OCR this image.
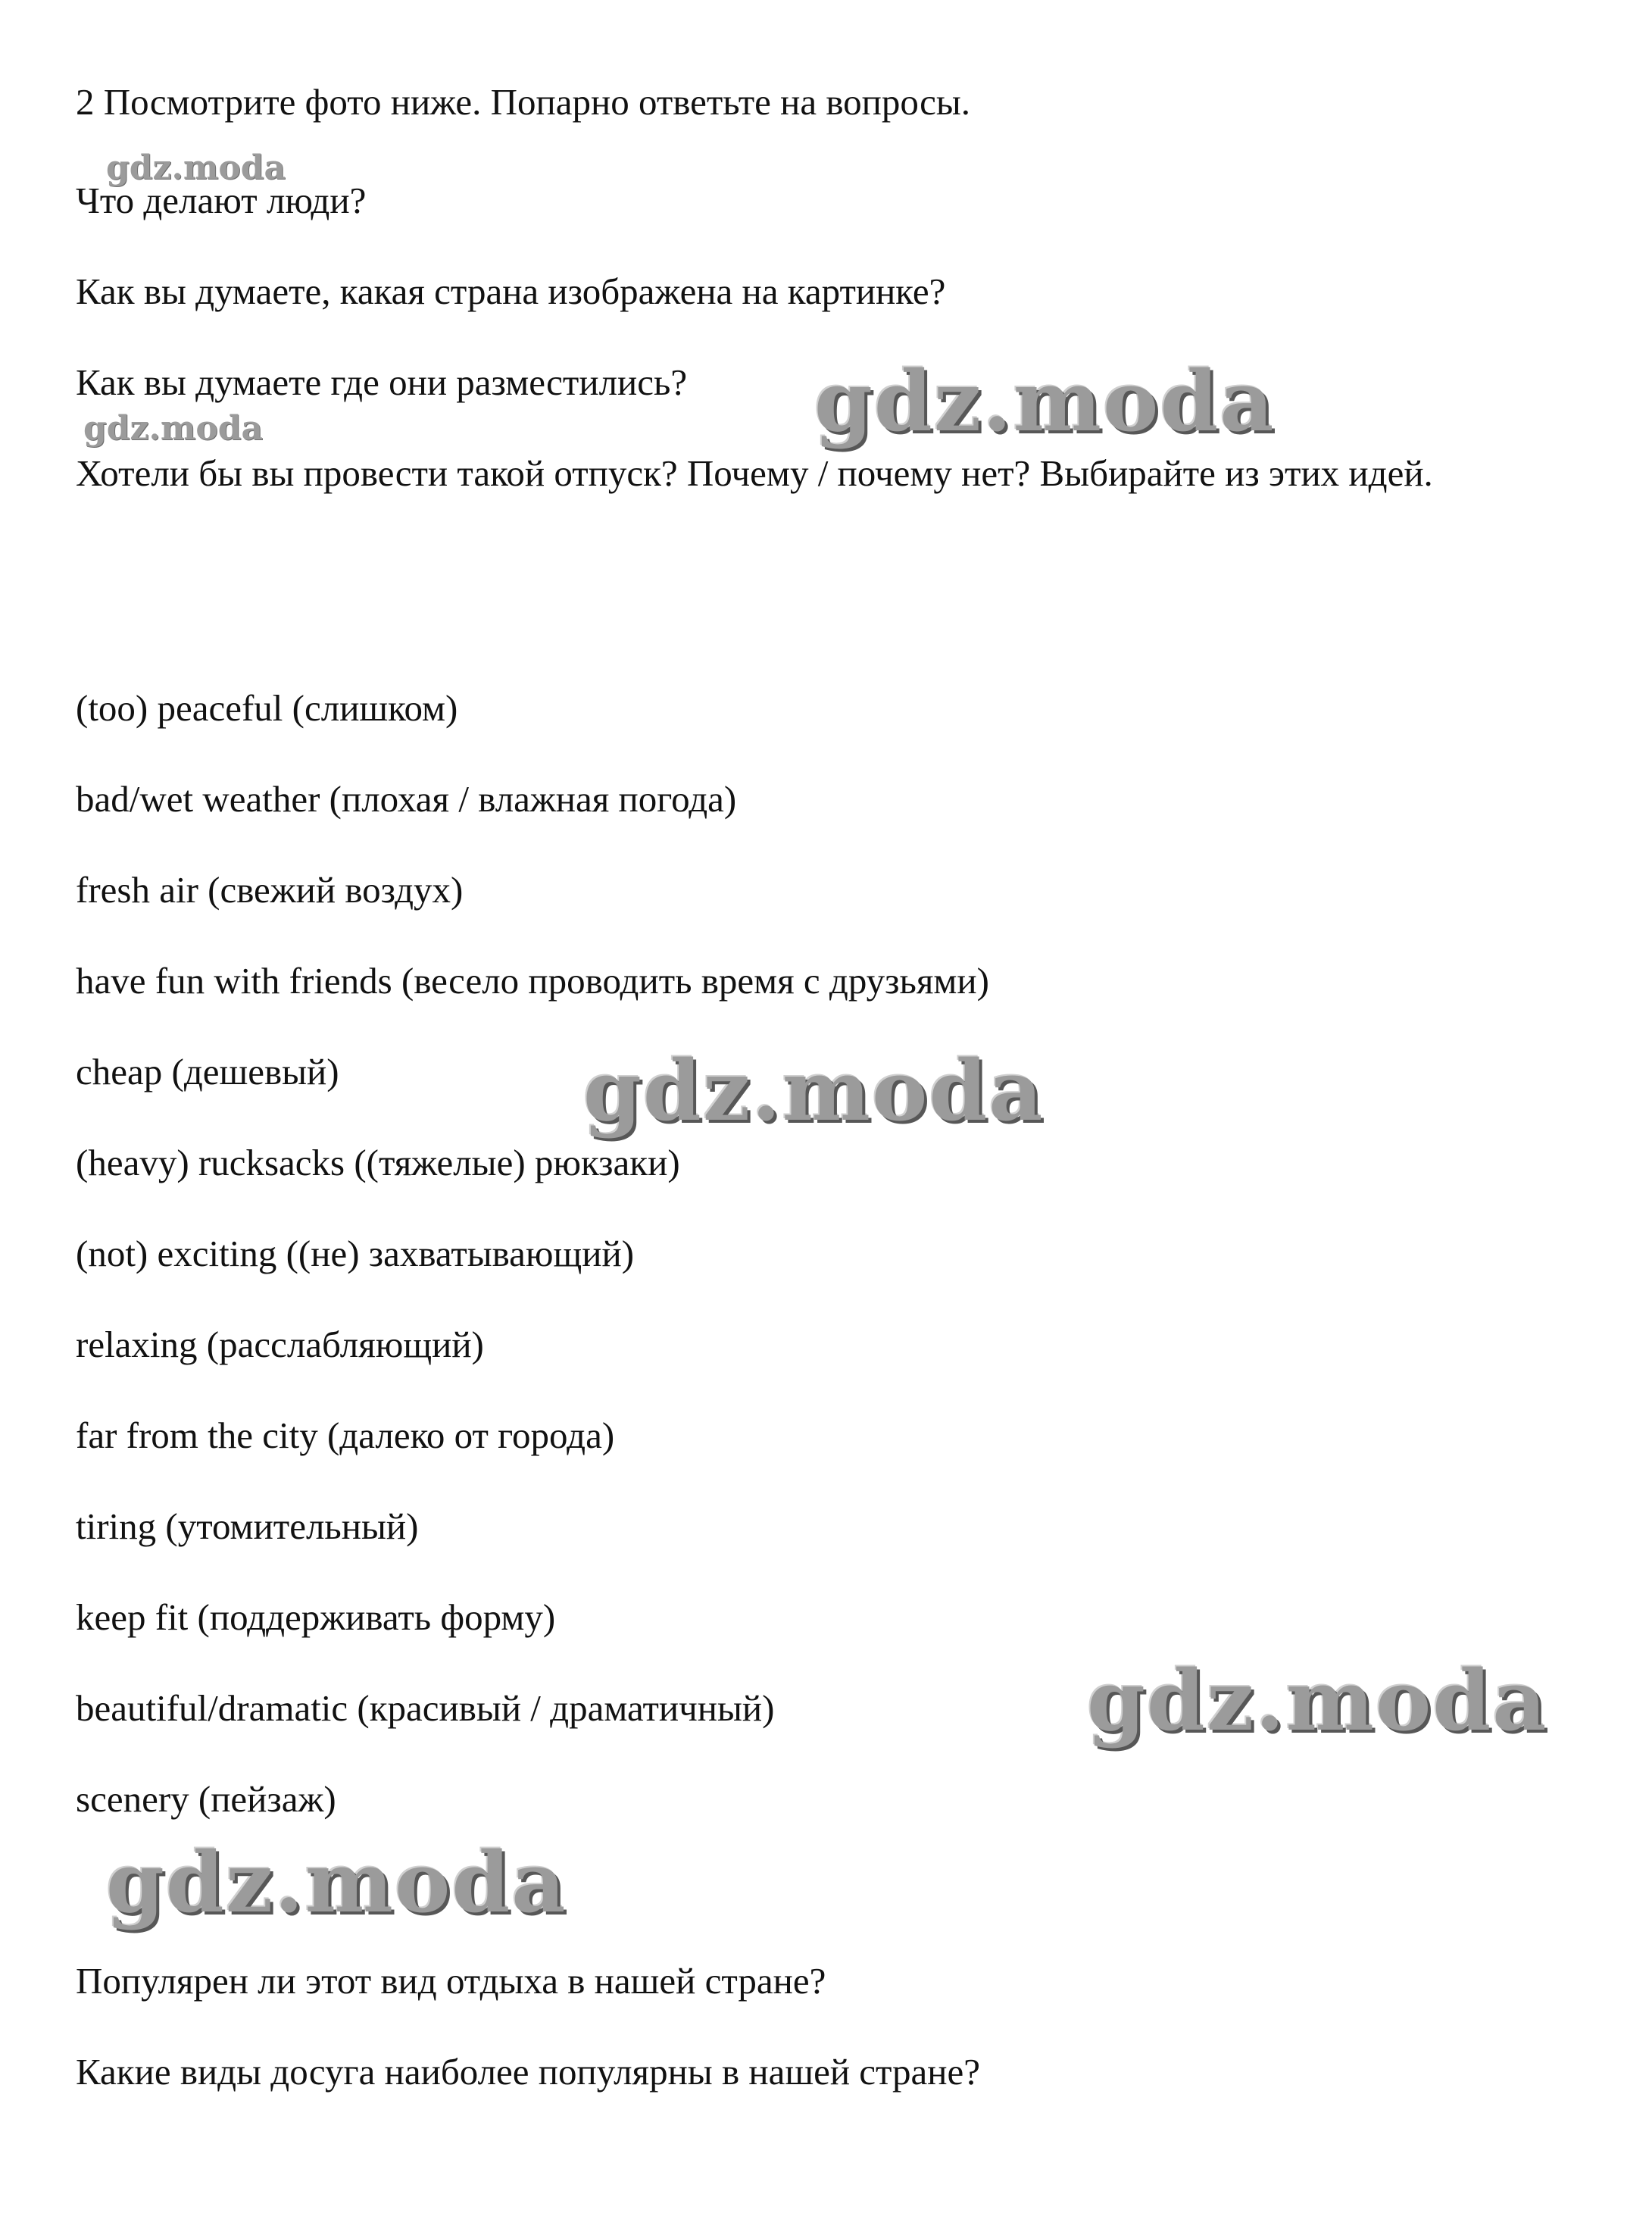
2 Посмотрите фото ниже. Попарно ответьте на вопросы.

Что делают люди?

Как вы думаете, какая страна изображена на картинке?

Как вы думаете где они разместились?

Хотели бы вы провести такой отпуск? Почему / почему нет? Выбирайте из этих идей.

(too) peaceful (слишком)

bad/wet weather (плохая / влажная погода)

fresh air (свежий воздух)

have fun with friends (весело проводить время с друзьями)

cheap (дешевый)

(heavy) rucksacks ((тяжелые) рюкзаки)

(not) exciting ((не) захватывающий)

relaxing (расслабляющий)

far from the city (далеко от города)

tiring (утомительный)

keep fit (поддерживать форму)

beautiful/dramatic (красивый / драматичный)

scenery (пейзаж)

Популярен ли этот вид отдыха в нашей стране?

Какие виды досуга наиболее популярны в нашей стране?

gdz.moda
gdz.moda	gdz.moda
gdz.moda
gdz.moda
gdz.moda
